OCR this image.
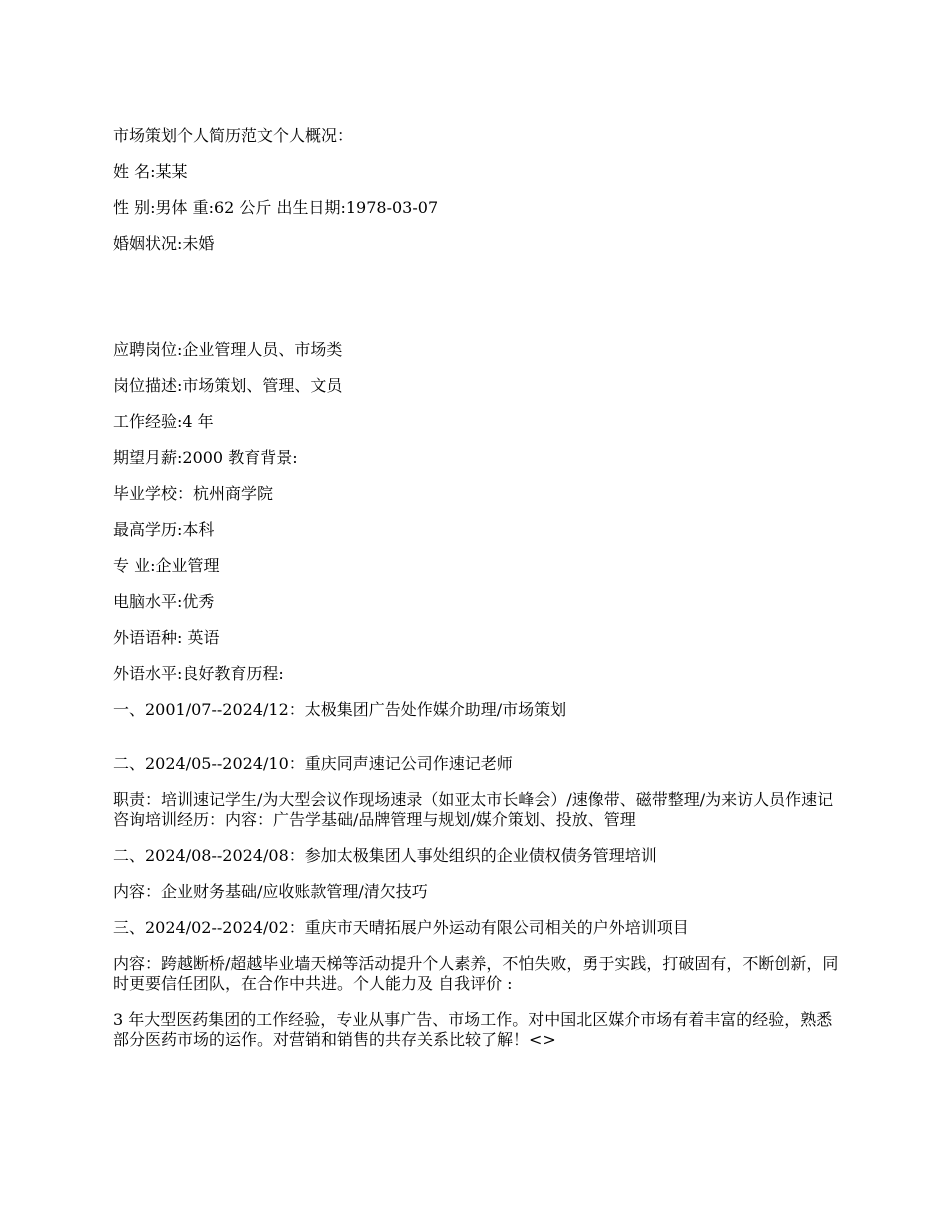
市场策划个人简历范文个人概况：

姓 名:某某

性 别:男体 重:62 公斤 出生日期:1978-03-07

婚姻状况:未婚

应聘岗位:企业管理人员、市场类

岗位描述:市场策划、管理、文员

工作经验:4 年

期望月薪:2000 教育背景:

毕业学校：杭州商学院

最高学历:本科

专 业:企业管理

电脑水平:优秀

外语语种: 英语

外语水平:良好教育历程:

一、2001/07--2024/12：太极集团广告处作媒介助理/市场策划

二、2024/05--2024/10：重庆同声速记公司作速记老师

职责：培训速记学生/为大型会议作现场速录（如亚太市长峰会）/速像带、磁带整理/为来访人员作速记咨询培训经历：内容：广告学基础/品牌管理与规划/媒介策划、投放、管理

二、2024/08--2024/08：参加太极集团人事处组织的企业债权债务管理培训

内容：企业财务基础/应收账款管理/清欠技巧

三、2024/02--2024/02：重庆市天晴拓展户外运动有限公司相关的户外培训项目

内容：跨越断桥/超越毕业墙天梯等活动提升个人素养，不怕失败，勇于实践，打破固有，不断创新，同时更要信任团队，在合作中共进。个人能力及 自我评价 :

3 年大型医药集团的工作经验，专业从事广告、市场工作。对中国北区媒介市场有着丰富的经验，熟悉部分医药市场的运作。对营销和销售的共存关系比较了解！<>
